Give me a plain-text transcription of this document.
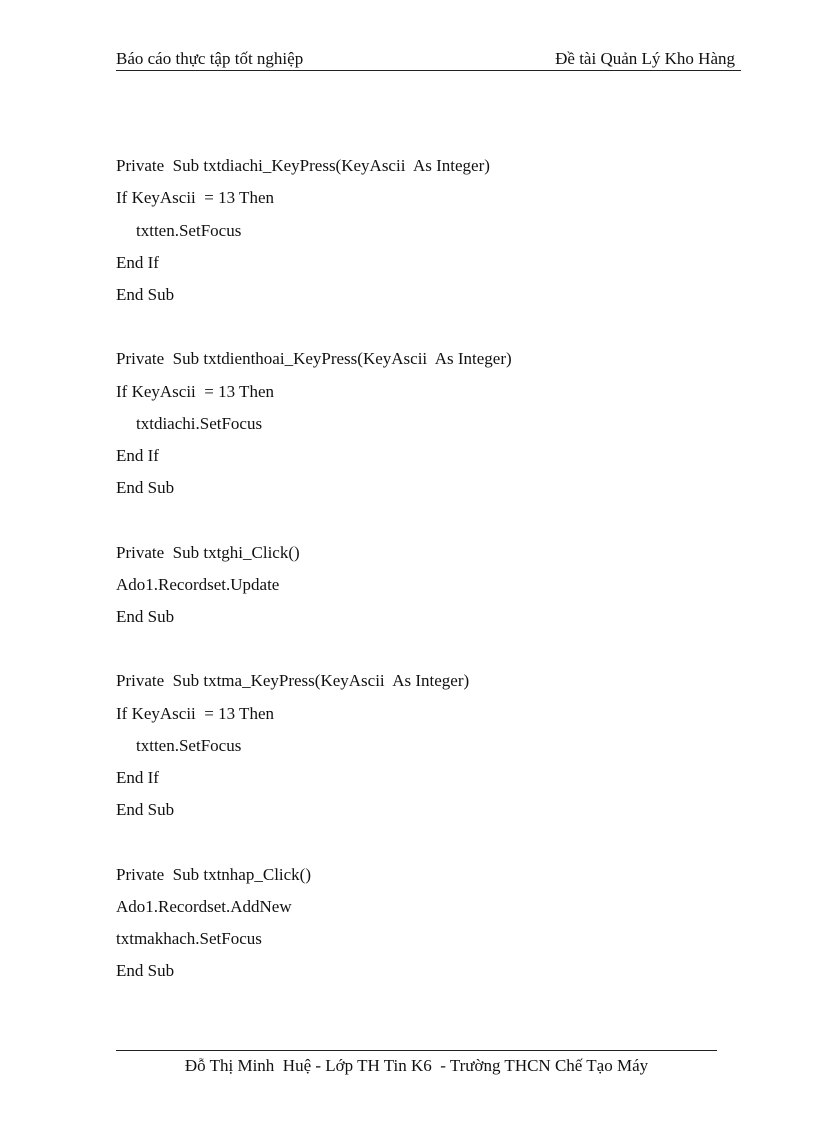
Báo cáo thực tập tốt nghiệp	Đề tài Quản Lý Kho Hàng
Private  Sub txtdiachi_KeyPress(KeyAscii  As Integer)
If KeyAscii  = 13 Then
txtten.SetFocus
End If
End Sub
Private  Sub txtdienthoai_KeyPress(KeyAscii  As Integer)
If KeyAscii  = 13 Then
txtdiachi.SetFocus
End If
End Sub
Private  Sub txtghi_Click()
Ado1.Recordset.Update
End Sub
Private  Sub txtma_KeyPress(KeyAscii  As Integer)
If KeyAscii  = 13 Then
txtten.SetFocus
End If
End Sub
Private  Sub txtnhap_Click()
Ado1.Recordset.AddNew
txtmakhach.SetFocus
End Sub
Đỗ Thị Minh  Huệ - Lớp TH Tin K6  - Trường THCN Chế Tạo Máy
